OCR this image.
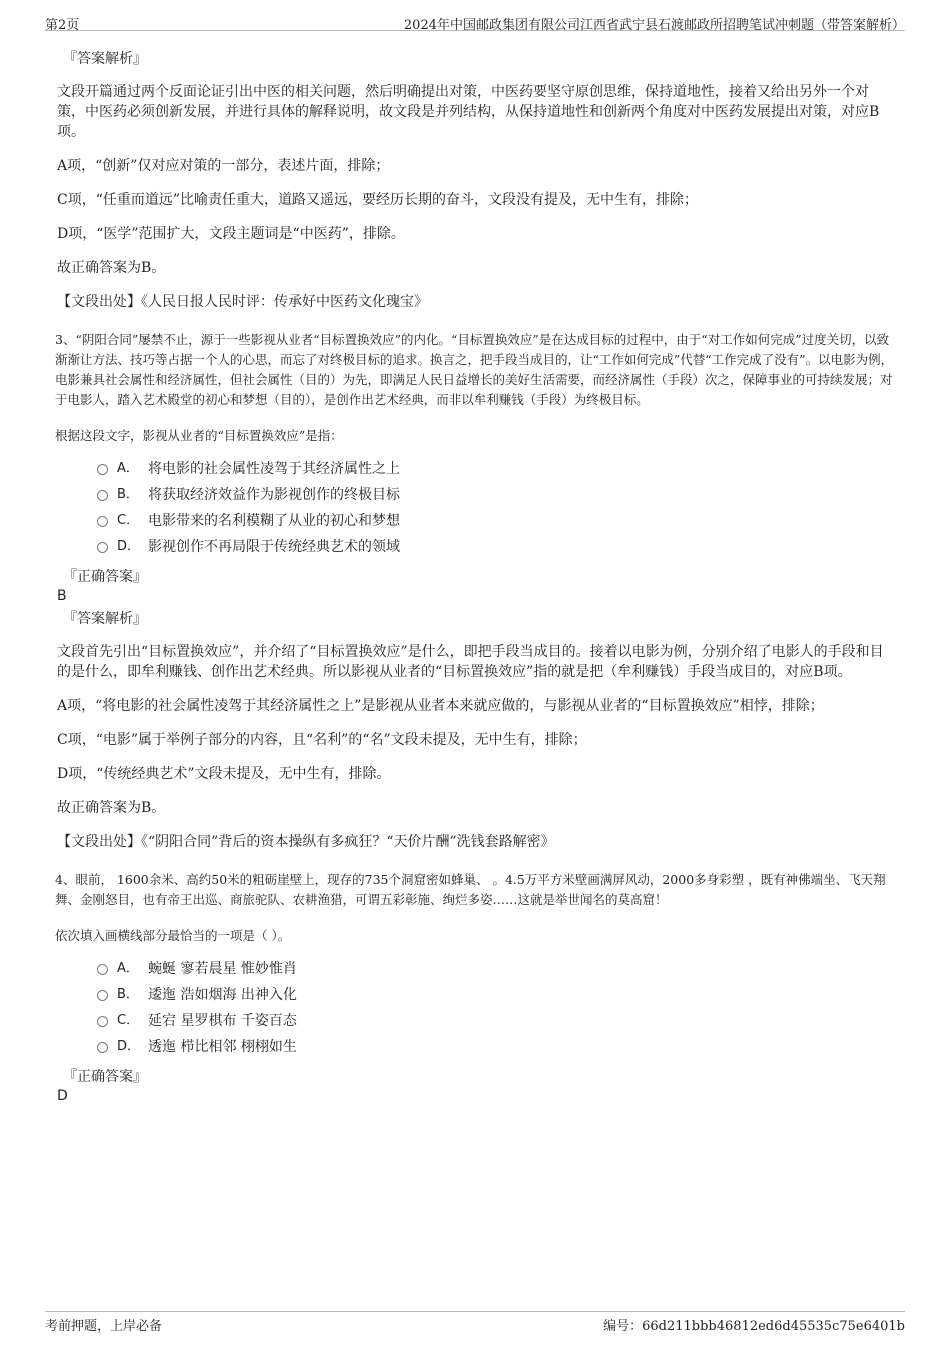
第2页	2024年中国邮政集团有限公司江西省武宁县石渡邮政所招聘笔试冲刺题（带答案解析）
『答案解析』
文段开篇通过两个反面论证引出中医的相关问题，然后明确提出对策，中医药要坚守原创思维，保持道地性，接着又给出另外一个对策，中医药必须创新发展，并进行具体的解释说明，故文段是并列结构，从保持道地性和创新两个角度对中医药发展提出对策，对应B项。
A项，“创新”仅对应对策的一部分，表述片面，排除；
C项，“任重而道远”比喻责任重大，道路又遥远，要经历长期的奋斗，文段没有提及，无中生有，排除；
D项，“医学”范围扩大，文段主题词是“中医药”，排除。
故正确答案为B。
【文段出处】《人民日报人民时评：传承好中医药文化瑰宝》
3、“阴阳合同”屡禁不止，源于一些影视从业者“目标置换效应”的内化。“目标置换效应”是在达成目标的过程中，由于“对工作如何完成”过度关切，以致渐渐让方法、技巧等占据一个人的心思，而忘了对终极目标的追求。换言之，把手段当成目的，让“工作如何完成”代替“工作完成了没有”。以电影为例，电影兼具社会属性和经济属性，但社会属性（目的）为先，即满足人民日益增长的美好生活需要，而经济属性（手段）次之，保障事业的可持续发展；对于电影人，踏入艺术殿堂的初心和梦想（目的），是创作出艺术经典，而非以牟利赚钱（手段）为终极目标。
根据这段文字，影视从业者的“目标置换效应”是指：
A． 将电影的社会属性凌驾于其经济属性之上
B． 将获取经济效益作为影视创作的终极目标
C． 电影带来的名利模糊了从业的初心和梦想
D． 影视创作不再局限于传统经典艺术的领域
『正确答案』
B
『答案解析』
文段首先引出“目标置换效应”，并介绍了“目标置换效应”是什么，即把手段当成目的。接着以电影为例，分别介绍了电影人的手段和目的是什么，即牟利赚钱、创作出艺术经典。所以影视从业者的“目标置换效应”指的就是把（牟利赚钱）手段当成目的，对应B项。
A项，“将电影的社会属性凌驾于其经济属性之上”是影视从业者本来就应做的，与影视从业者的“目标置换效应”相悖，排除；
C项，“电影”属于举例子部分的内容，且“名利”的“名”文段未提及，无中生有，排除；
D项，“传统经典艺术”文段未提及，无中生有，排除。
故正确答案为B。
【文段出处】《“阴阳合同”背后的资本操纵有多疯狂？“天价片酬”洗钱套路解密》
4、眼前， 1600余米、高约50米的粗砺崖壁上，现存的735个洞窟密如蜂巢、 。4.5万平方米壁画满屏风动，2000多身彩塑 ，既有神佛端坐、飞天翔舞、金刚怒目，也有帝王出巡、商旅驼队、农耕渔猎，可谓五彩彰施、绚烂多姿……这就是举世闻名的莫高窟！
依次填入画横线部分最恰当的一项是（ ）。
A． 蜿蜒 寥若晨星 惟妙惟肖
B． 逶迤 浩如烟海 出神入化
C． 延宕 星罗棋布 千姿百态
D． 透迤 栉比相邻 栩栩如生
『正确答案』
D
考前押题，上岸必备	编号：66d211bbb46812ed6d45535c75e6401b
